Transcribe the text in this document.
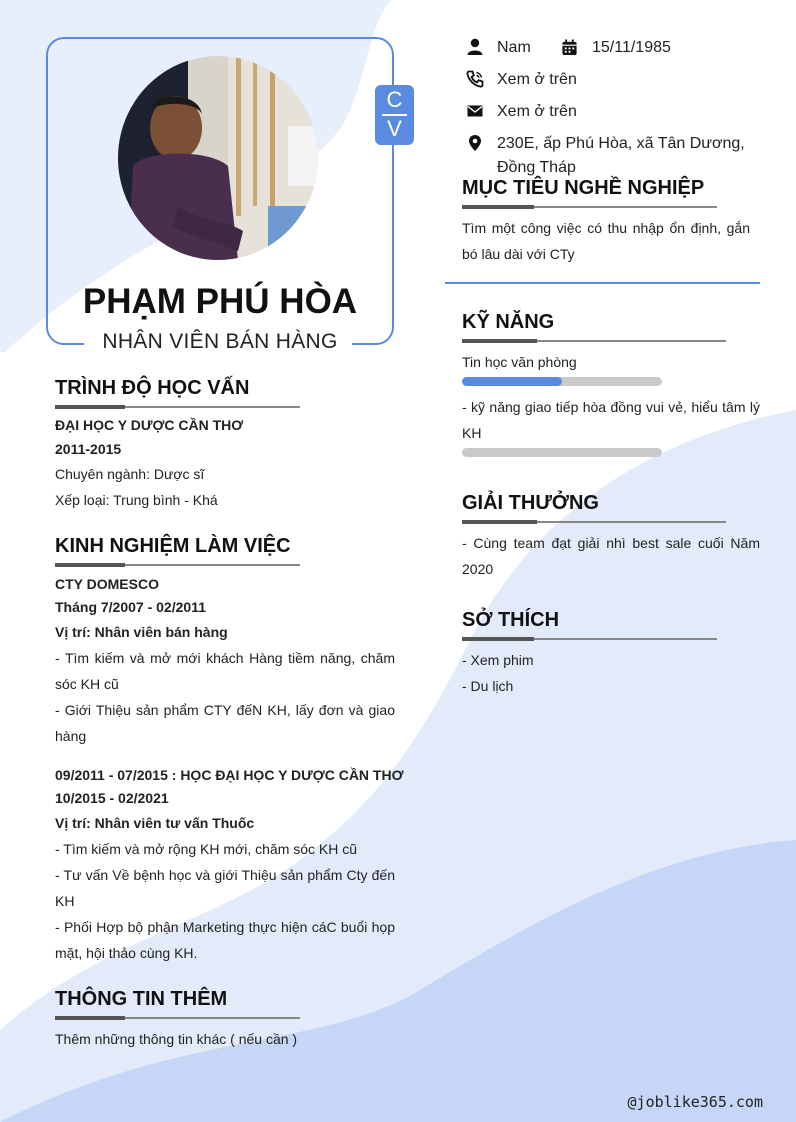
C
V
PHẠM PHÚ HÒA
NHÂN VIÊN BÁN HÀNG
Nam	15/11/1985
Xem ở trên
Xem ở trên
230E, ấp Phú Hòa, xã Tân Dương,
Đồng Tháp
TRÌNH ĐỘ HỌC VẤN
ĐẠI HỌC Y DƯỢC CẦN THƠ
2011-2015
Chuyên ngành: Dược sĩ
Xếp loại: Trung bình - Khá
KINH NGHIỆM LÀM VIỆC
CTY DOMESCO
Tháng 7/2007 - 02/2011
Vị trí: Nhân viên bán hàng
- Tìm kiếm và mở mới khách Hàng tiềm năng, chăm sóc KH cũ
- Giới Thiệu sản phẩm CTY đếN KH, lấy đơn và giao hàng
09/2011 - 07/2015 : HỌC ĐẠI HỌC Y DƯỢC CẦN THƠ
10/2015 - 02/2021
Vị trí: Nhân viên tư vấn Thuốc
- Tìm kiếm và mở rộng KH mới, chăm sóc KH cũ
- Tư vấn Về bệnh học và giới Thiệu sản phẩm Cty đến KH
- Phối Hợp bộ phận Marketing thực hiện cáC buổi họp mặt, hội thảo cùng KH.
THÔNG TIN THÊM
Thêm những thông tin khác ( nếu cần )
MỤC TIÊU NGHỀ NGHIỆP
Tìm một công việc có thu nhập ổn định, gắn bó lâu dài với CTy
KỸ NĂNG
Tin học văn phòng
- kỹ năng giao tiếp hòa đồng vui vẻ, hiểu tâm lý KH
GIẢI THƯỞNG
- Cùng team đạt giải nhì best sale cuối Năm 2020
SỞ THÍCH
- Xem phim
- Du lịch
@joblike365.com
